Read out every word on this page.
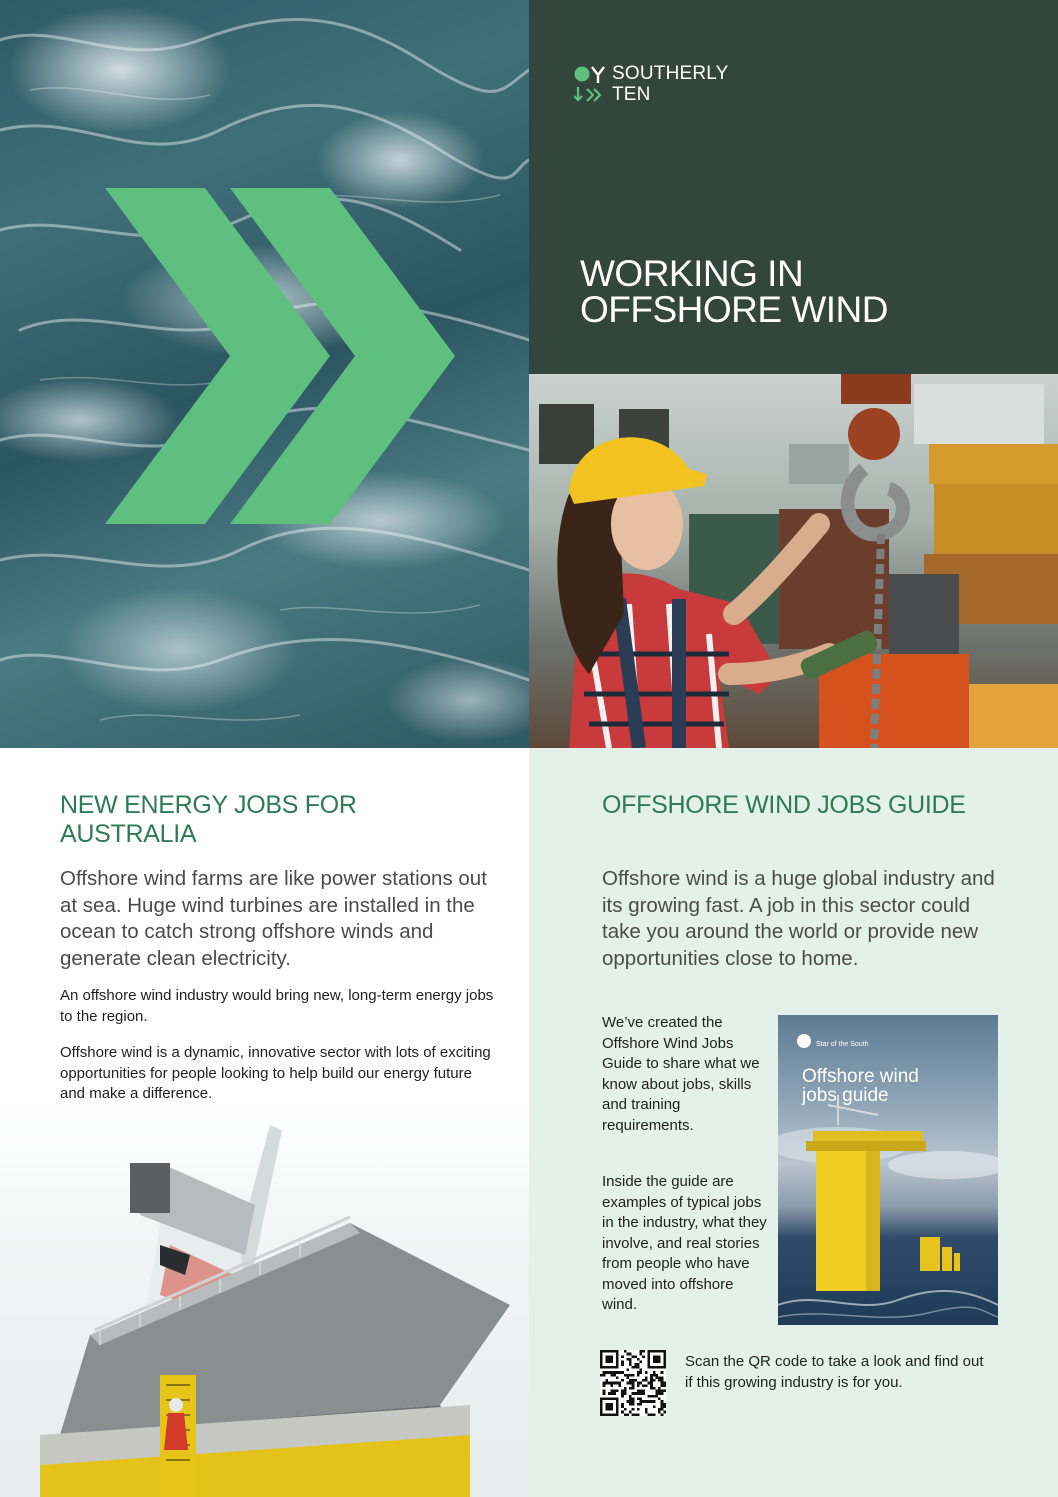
SOUTHERLY
TEN
WORKING IN
OFFSHORE WIND
NEW ENERGY JOBS FOR AUSTRALIA

Offshore wind farms are like power stations out at sea. Huge wind turbines are installed in the ocean to catch strong offshore winds and generate clean electricity.

An offshore wind industry would bring new, long-term energy jobs to the region.

Offshore wind is a dynamic, innovative sector with lots of exciting opportunities for people looking to help build our energy future and make a difference.

OFFSHORE WIND JOBS GUIDE

Offshore wind is a huge global industry and its growing fast. A job in this sector could take you around the world or provide new opportunities close to home.

We’ve created the Offshore Wind Jobs Guide to share what we know about jobs, skills and training requirements.

Inside the guide are examples of typical jobs in the industry, what they involve, and real stories from people who have moved into offshore wind.

Star of the South
Offshore wind
jobs guide

Scan the QR code to take a look and find out if this growing industry is for you.
